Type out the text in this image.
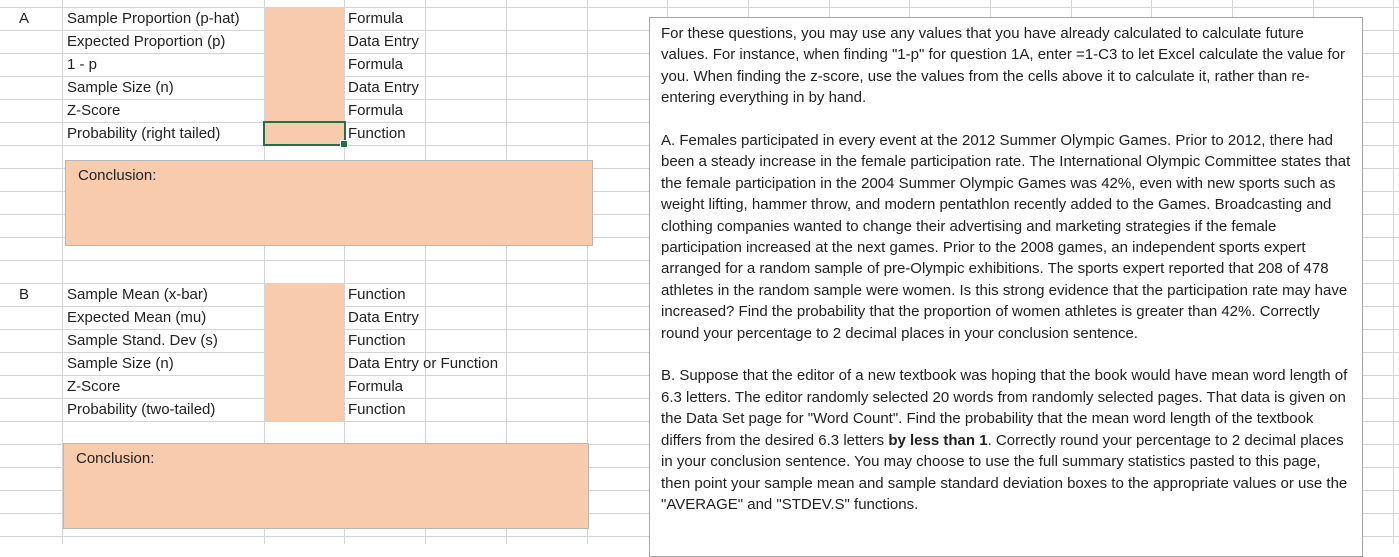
A	Sample Proportion (p-hat)
Expected Proportion (p)
1 - p
Sample Size (n)
Z-Score
Probability (right tailed)
Formula
Data Entry
Formula
Data Entry
Formula
Function
Conclusion:
B	Sample Mean (x-bar)
Expected Mean (mu)
Sample Stand. Dev (s)
Sample Size (n)
Z-Score
Probability (two-tailed)
Function
Data Entry
Function
Data Entry or Function
Formula
Function
Conclusion:

For these questions, you may use any values that you have already calculated to calculate future values. For instance, when finding "1-p" for question 1A, enter =1-C3 to let Excel calculate the value for you. When finding the z-score, use the values from the cells above it to calculate it, rather than re-entering everything in by hand.

A. Females participated in every event at the 2012 Summer Olympic Games. Prior to 2012, there had been a steady increase in the female participation rate. The International Olympic Committee states that the female participation in the 2004 Summer Olympic Games was 42%, even with new sports such as weight lifting, hammer throw, and modern pentathlon recently added to the Games. Broadcasting and clothing companies wanted to change their advertising and marketing strategies if the female participation increased at the next games. Prior to the 2008 games, an independent sports expert arranged for a random sample of pre-Olympic exhibitions. The sports expert reported that 208 of 478 athletes in the random sample were women. Is this strong evidence that the participation rate may have increased? Find the probability that the proportion of women athletes is greater than 42%. Correctly round your percentage to 2 decimal places in your conclusion sentence.

B. Suppose that the editor of a new textbook was hoping that the book would have mean word length of 6.3 letters. The editor randomly selected 20 words from randomly selected pages. That data is given on the Data Set page for "Word Count". Find the probability that the mean word length of the textbook differs from the desired 6.3 letters by less than 1. Correctly round your percentage to 2 decimal places in your conclusion sentence. You may choose to use the full summary statistics pasted to this page, then point your sample mean and sample standard deviation boxes to the appropriate values or use the "AVERAGE" and "STDEV.S" functions.
